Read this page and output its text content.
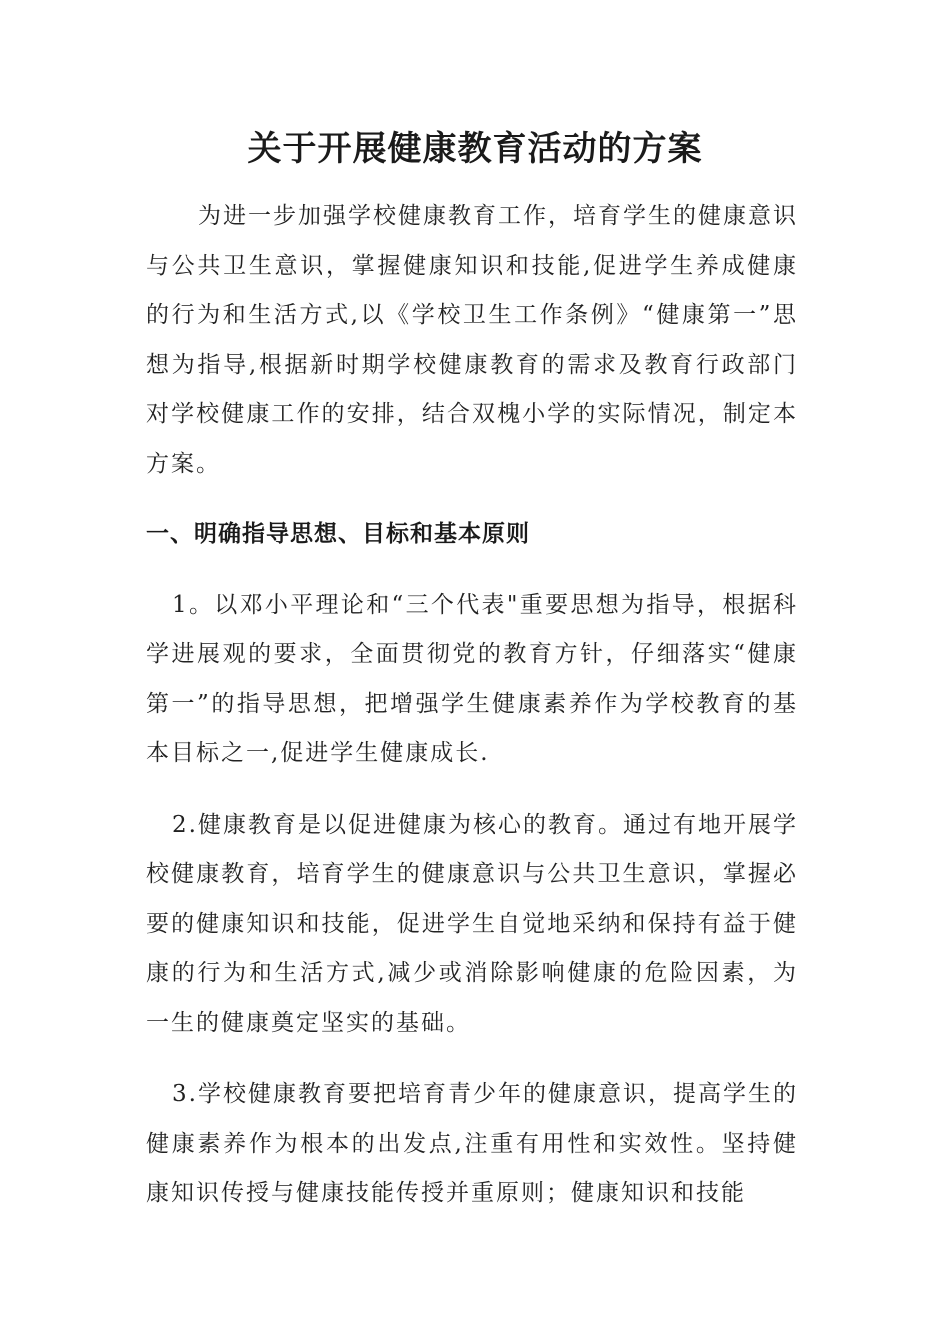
关于开展健康教育活动的方案

为进一步加强学校健康教育工作，培育学生的健康意识与公共卫生意识，掌握健康知识和技能,促进学生养成健康的行为和生活方式,以《学校卫生工作条例》“健康第一”思想为指导,根据新时期学校健康教育的需求及教育行政部门对学校健康工作的安排，结合双槐小学的实际情况，制定本方案。

一、明确指导思想、目标和基本原则

1。以邓小平理论和“三个代表"重要思想为指导，根据科学进展观的要求，全面贯彻党的教育方针，仔细落实“健康第一”的指导思想，把增强学生健康素养作为学校教育的基本目标之一,促进学生健康成长.

2.健康教育是以促进健康为核心的教育。通过有地开展学校健康教育，培育学生的健康意识与公共卫生意识，掌握必要的健康知识和技能，促进学生自觉地采纳和保持有益于健康的行为和生活方式,减少或消除影响健康的危险因素，为一生的健康奠定坚实的基础。

3.学校健康教育要把培育青少年的健康意识，提高学生的健康素养作为根本的出发点,注重有用性和实效性。坚持健康知识传授与健康技能传授并重原则；健康知识和技能
